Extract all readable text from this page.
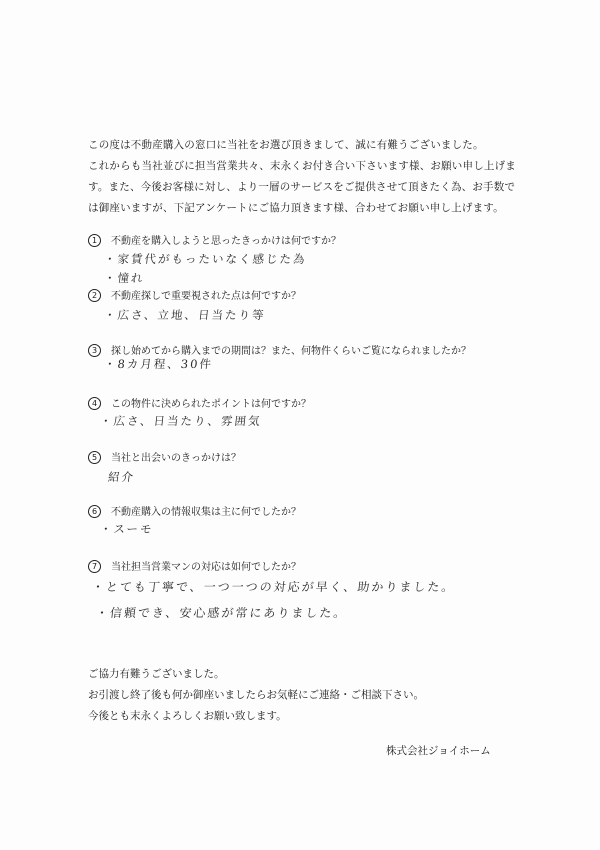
この度は不動産購入の窓口に当社をお選び頂きまして、誠に有難うございました。
これからも当社並びに担当営業共々、末永くお付き合い下さいます様、お願い申し上げま
す。また、今後お客様に対し、より一層のサービスをご提供させて頂きたく為、お手数で
は御座いますが、下記アンケートにご協力頂きます様、合わせてお願い申し上げます。
1 不動産を購入しようと思ったきっかけは何ですか？
・家賃代がもったいなく感じた為
・憧れ
2 不動産探しで重要視された点は何ですか？
・広さ、立地、日当たり等
3 探し始めてから購入までの期間は？また、何物件くらいご覧になられましたか？
・8カ月程、30件
4 この物件に決められたポイントは何ですか？
・広さ、日当たり、雰囲気
5 当社と出会いのきっかけは？
紹介
6 不動産購入の情報収集は主に何でしたか？
・スーモ
7 当社担当営業マンの対応は如何でしたか？
・とても丁寧で、一つ一つの対応が早く、助かりました。
・信頼でき、安心感が常にありました。
ご協力有難うございました。
お引渡し終了後も何か御座いましたらお気軽にご連絡・ご相談下さい。
今後とも末永くよろしくお願い致します。
株式会社ジョイホーム
